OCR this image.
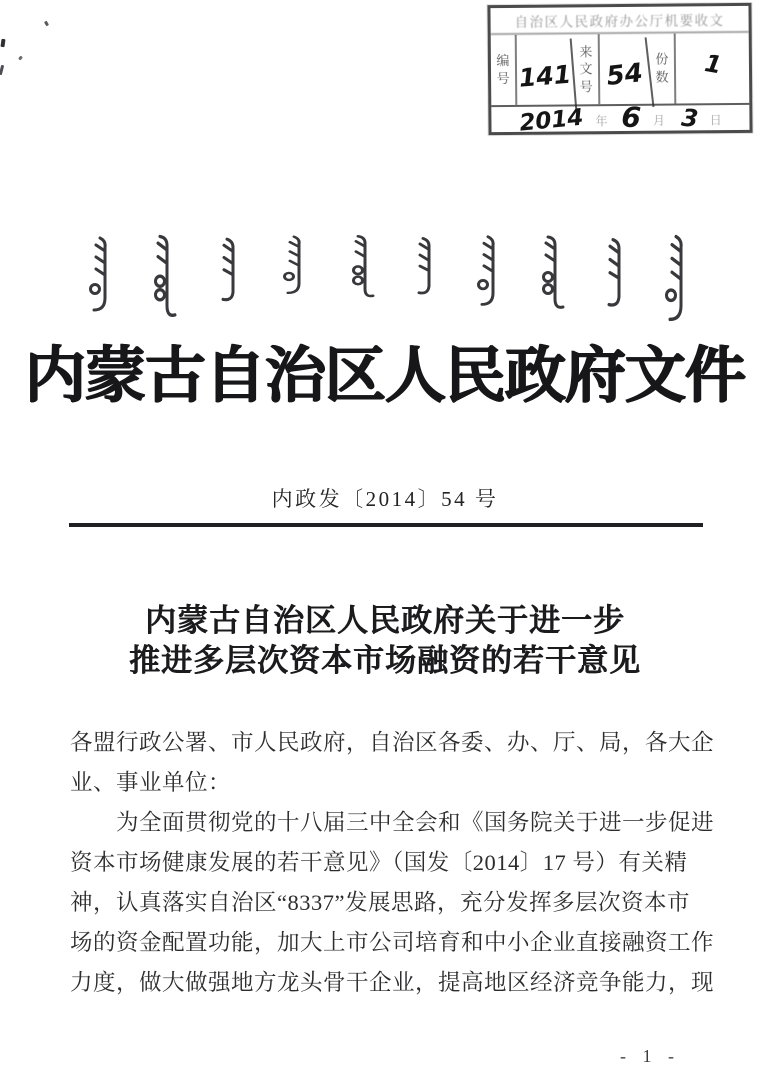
自治区人民政府办公厅机要收文
编号 141
来文号 54 份数	1
2014 年 6 月 3 日
内蒙古自治区人民政府文件
内政发〔2014〕54 号
内蒙古自治区人民政府关于进一步
推进多层次资本市场融资的若干意见
各盟行政公署、市人民政府，自治区各委、办、厅、局，各大企
业、事业单位：
为全面贯彻党的十八届三中全会和《国务院关于进一步促进
资本市场健康发展的若干意见》（国发〔2014〕17 号）有关精
神，认真落实自治区“8337”发展思路，充分发挥多层次资本市
场的资金配置功能，加大上市公司培育和中小企业直接融资工作
力度，做大做强地方龙头骨干企业，提高地区经济竞争能力，现
- 1 -
